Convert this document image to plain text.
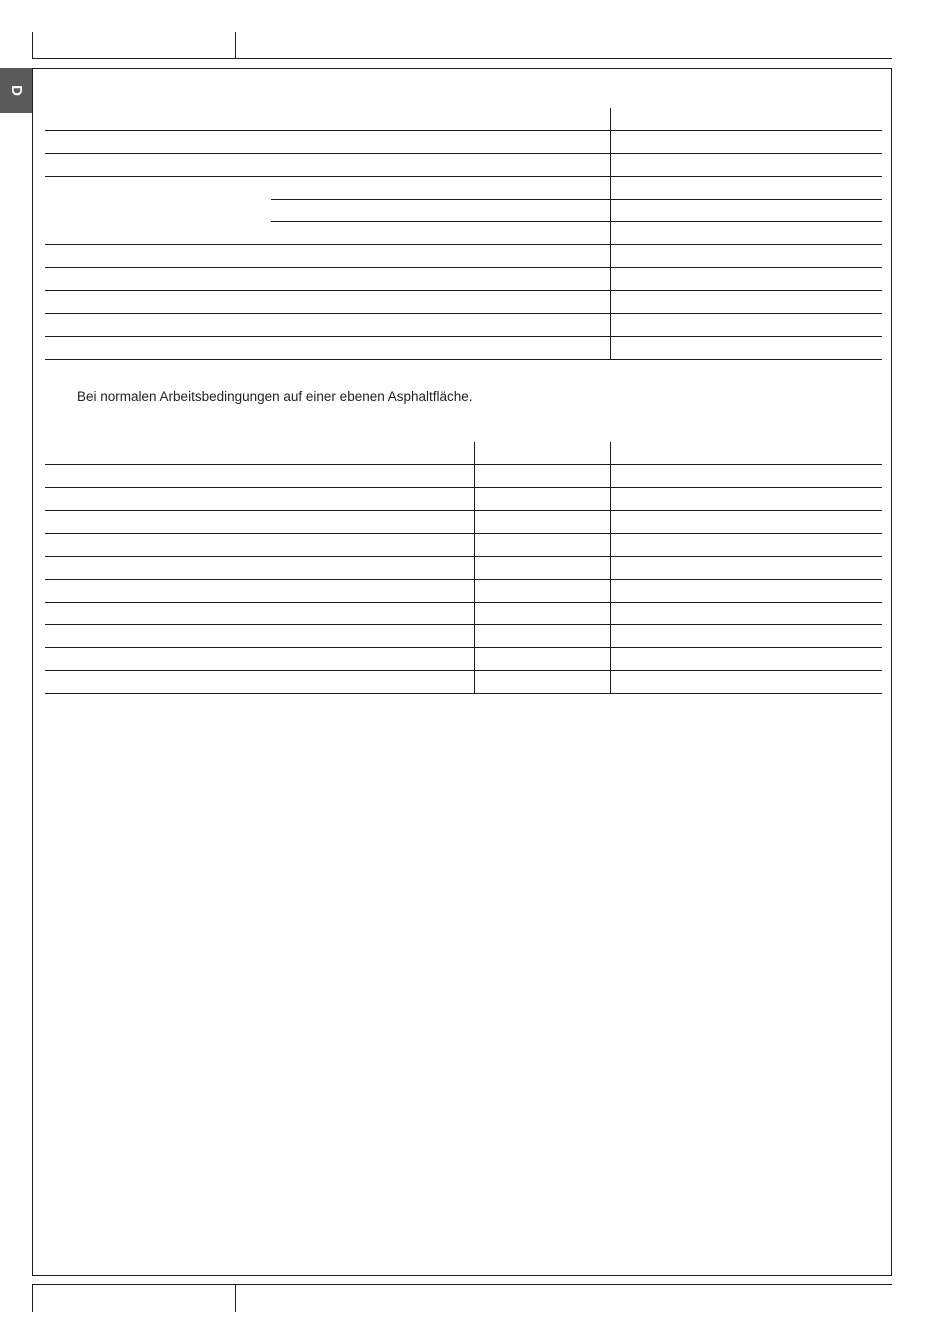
D
Bei normalen Arbeitsbedingungen auf einer ebenen Asphaltfläche.
